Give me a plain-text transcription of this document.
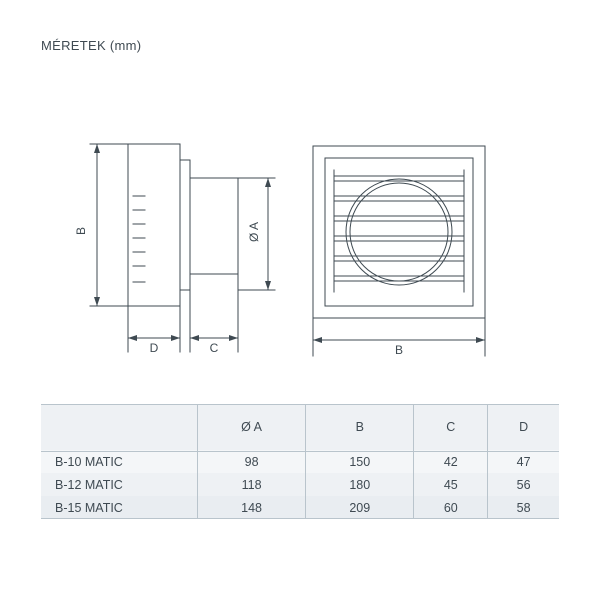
MÉRETEK (mm)
B	Ø A
D	C	B
	Ø A	B	C	D
B-10 MATIC	98	150	42	47
B-12 MATIC	118	180	45	56
B-15 MATIC	148	209	60	58
